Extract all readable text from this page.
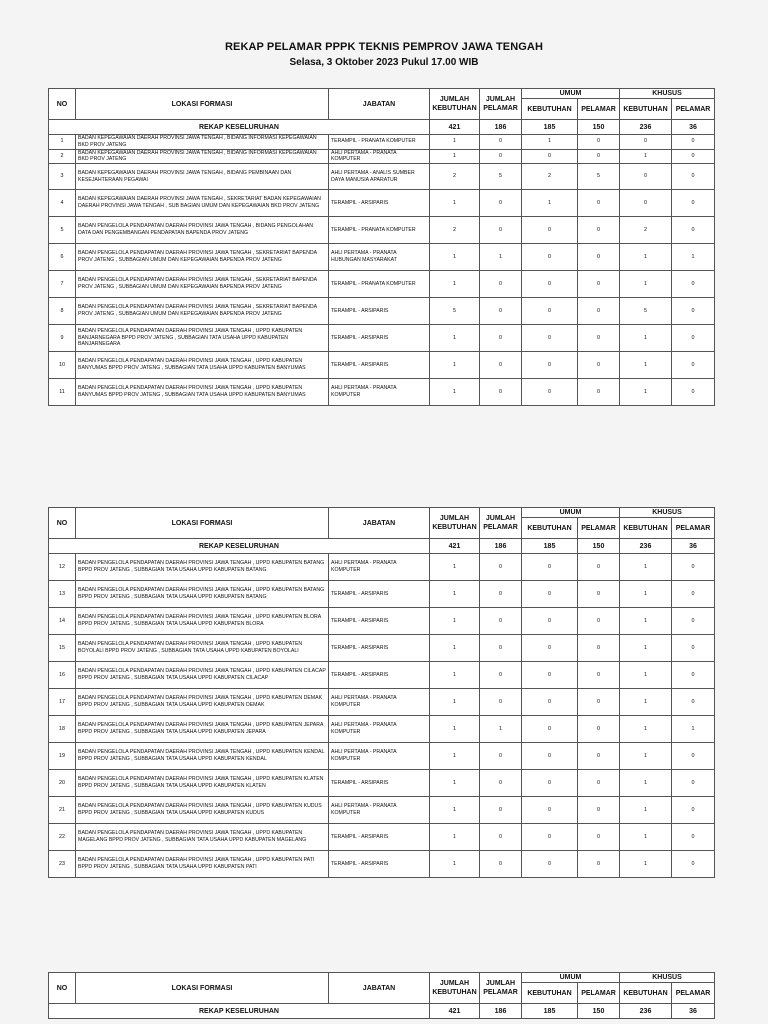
REKAP PELAMAR PPPK TEKNIS PEMPROV JAWA TENGAH
Selasa, 3 Oktober 2023 Pukul 17.00 WIB
NO	LOKASI FORMASI	JABATAN	JUMLAH KEBUTUHAN	JUMLAH PELAMAR	UMUM		KHUSUS	
					KEBUTUHAN	PELAMAR	KEBUTUHAN	PELAMAR
REKAP KESELURUHAN			421	186	185	150	236	36
1	BADAN KEPEGAWAIAN DAERAH PROVINSI JAWA TENGAH , BIDANG INFORMASI KEPEGAWAIAN BKD PROV JATENG	TERAMPIL - PRANATA KOMPUTER	1	0	1	0	0	0
2	BADAN KEPEGAWAIAN DAERAH PROVINSI JAWA TENGAH , BIDANG INFORMASI KEPEGAWAIAN BKD PROV JATENG	AHLI PERTAMA - PRANATA KOMPUTER	1	0	0	0	1	0
3	BADAN KEPEGAWAIAN DAERAH PROVINSI JAWA TENGAH , BIDANG PEMBINAAN DAN KESEJAHTERAAN PEGAWAI	AHLI PERTAMA - ANALIS SUMBER DAYA MANUSIA APARATUR	2	5	2	5	0	0
4	BADAN KEPEGAWAIAN DAERAH PROVINSI JAWA TENGAH , SEKRETARIAT BADAN KEPEGAWAIAN DAERAH PROVINSI JAWA TENGAH , SUB BAGIAN UMUM DAN KEPEGAWAIAN BKD PROV JATENG	TERAMPIL - ARSIPARIS	1	0	1	0	0	0
5	BADAN PENGELOLA PENDAPATAN DAERAH PROVINSI JAWA TENGAH , BIDANG PENGOLAHAN DATA DAN PENGEMBANGAN PENDAPATAN BAPENDA PROV JATENG	TERAMPIL - PRANATA KOMPUTER	2	0	0	0	2	0
6	BADAN PENGELOLA PENDAPATAN DAERAH PROVINSI JAWA TENGAH , SEKRETARIAT BAPENDA PROV JATENG , SUBBAGIAN UMUM DAN KEPEGAWAIAN BAPENDA PROV JATENG	AHLI PERTAMA - PRANATA HUBUNGAN MASYARAKAT	1	1	0	0	1	1
7	BADAN PENGELOLA PENDAPATAN DAERAH PROVINSI JAWA TENGAH , SEKRETARIAT BAPENDA PROV JATENG , SUBBAGIAN UMUM DAN KEPEGAWAIAN BAPENDA PROV JATENG	TERAMPIL - PRANATA KOMPUTER	1	0	0	0	1	0
8	BADAN PENGELOLA PENDAPATAN DAERAH PROVINSI JAWA TENGAH , SEKRETARIAT BAPENDA PROV JATENG , SUBBAGIAN UMUM DAN KEPEGAWAIAN BAPENDA PROV JATENG	TERAMPIL - ARSIPARIS	5	0	0	0	5	0
9	BADAN PENGELOLA PENDAPATAN DAERAH PROVINSI JAWA TENGAH , UPPD KABUPATEN BANJARNEGARA BPPD PROV JATENG , SUBBAGIAN TATA USAHA UPPD KABUPATEN BANJARNEGARA	TERAMPIL - ARSIPARIS	1	0	0	0	1	0
10	BADAN PENGELOLA PENDAPATAN DAERAH PROVINSI JAWA TENGAH , UPPD KABUPATEN BANYUMAS BPPD PROV JATENG , SUBBAGIAN TATA USAHA UPPD KABUPATEN BANYUMAS	TERAMPIL - ARSIPARIS	1	0	0	0	1	0
11	BADAN PENGELOLA PENDAPATAN DAERAH PROVINSI JAWA TENGAH , UPPD KABUPATEN BANYUMAS BPPD PROV JATENG , SUBBAGIAN TATA USAHA UPPD KABUPATEN BANYUMAS	AHLI PERTAMA - PRANATA KOMPUTER	1	0	0	0	1	0
NO	LOKASI FORMASI	JABATAN	JUMLAH KEBUTUHAN	JUMLAH PELAMAR	UMUM		KHUSUS	
					KEBUTUHAN	PELAMAR	KEBUTUHAN	PELAMAR
REKAP KESELURUHAN			421	186	185	150	236	36
12	BADAN PENGELOLA PENDAPATAN DAERAH PROVINSI JAWA TENGAH , UPPD KABUPATEN BATANG BPPD PROV JATENG , SUBBAGIAN TATA USAHA UPPD KABUPATEN BATANG	AHLI PERTAMA - PRANATA KOMPUTER	1	0	0	0	1	0
13	BADAN PENGELOLA PENDAPATAN DAERAH PROVINSI JAWA TENGAH , UPPD KABUPATEN BATANG BPPD PROV JATENG , SUBBAGIAN TATA USAHA UPPD KABUPATEN BATANG	TERAMPIL - ARSIPARIS	1	0	0	0	1	0
14	BADAN PENGELOLA PENDAPATAN DAERAH PROVINSI JAWA TENGAH , UPPD KABUPATEN BLORA BPPD PROV JATENG , SUBBAGIAN TATA USAHA UPPD KABUPATEN BLORA	TERAMPIL - ARSIPARIS	1	0	0	0	1	0
15	BADAN PENGELOLA PENDAPATAN DAERAH PROVINSI JAWA TENGAH , UPPD KABUPATEN BOYOLALI BPPD PROV JATENG , SUBBAGIAN TATA USAHA UPPD KABUPATEN BOYOLALI	TERAMPIL - ARSIPARIS	1	0	0	0	1	0
16	BADAN PENGELOLA PENDAPATAN DAERAH PROVINSI JAWA TENGAH , UPPD KABUPATEN CILACAP BPPD PROV JATENG , SUBBAGIAN TATA USAHA UPPD KABUPATEN CILACAP	TERAMPIL - ARSIPARIS	1	0	0	0	1	0
17	BADAN PENGELOLA PENDAPATAN DAERAH PROVINSI JAWA TENGAH , UPPD KABUPATEN DEMAK BPPD PROV JATENG , SUBBAGIAN TATA USAHA UPPD KABUPATEN DEMAK	AHLI PERTAMA - PRANATA KOMPUTER	1	0	0	0	1	0
18	BADAN PENGELOLA PENDAPATAN DAERAH PROVINSI JAWA TENGAH , UPPD KABUPATEN JEPARA BPPD PROV JATENG , SUBBAGIAN TATA USAHA UPPD KABUPATEN JEPARA	AHLI PERTAMA - PRANATA KOMPUTER	1	1	0	0	1	1
19	BADAN PENGELOLA PENDAPATAN DAERAH PROVINSI JAWA TENGAH , UPPD KABUPATEN KENDAL BPPD PROV JATENG , SUBBAGIAN TATA USAHA UPPD KABUPATEN KENDAL	AHLI PERTAMA - PRANATA KOMPUTER	1	0	0	0	1	0
20	BADAN PENGELOLA PENDAPATAN DAERAH PROVINSI JAWA TENGAH , UPPD KABUPATEN KLATEN BPPD PROV JATENG , SUBBAGIAN TATA USAHA UPPD KABUPATEN KLATEN	TERAMPIL - ARSIPARIS	1	0	0	0	1	0
21	BADAN PENGELOLA PENDAPATAN DAERAH PROVINSI JAWA TENGAH , UPPD KABUPATEN KUDUS BPPD PROV JATENG , SUBBAGIAN TATA USAHA UPPD KABUPATEN KUDUS	AHLI PERTAMA - PRANATA KOMPUTER	1	0	0	0	1	0
22	BADAN PENGELOLA PENDAPATAN DAERAH PROVINSI JAWA TENGAH , UPPD KABUPATEN MAGELANG BPPD PROV JATENG , SUBBAGIAN TATA USAHA UPPD KABUPATEN MAGELANG	TERAMPIL - ARSIPARIS	1	0	0	0	1	0
23	BADAN PENGELOLA PENDAPATAN DAERAH PROVINSI JAWA TENGAH , UPPD KABUPATEN PATI BPPD PROV JATENG , SUBBAGIAN TATA USAHA UPPD KABUPATEN PATI	TERAMPIL - ARSIPARIS	1	0	0	0	1	0
NO	LOKASI FORMASI	JABATAN	JUMLAH KEBUTUHAN	JUMLAH PELAMAR	UMUM		KHUSUS	
					KEBUTUHAN	PELAMAR	KEBUTUHAN	PELAMAR
REKAP KESELURUHAN			421	186	185	150	236	36
